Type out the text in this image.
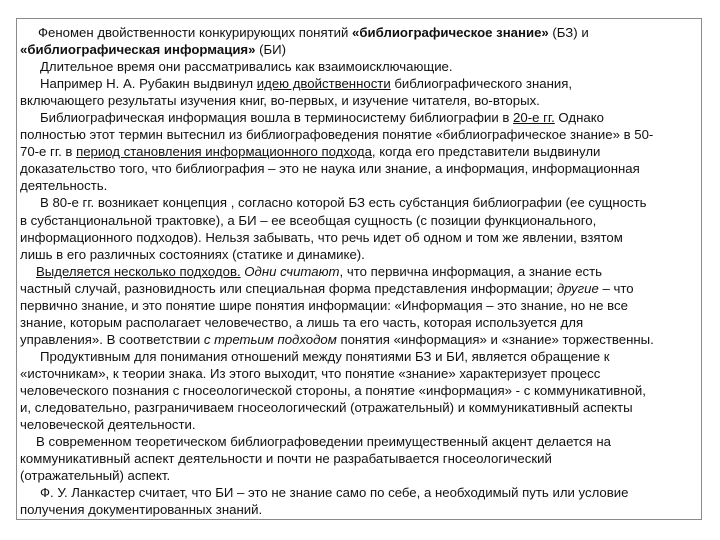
Феномен двойственности конкурирующих понятий «библиографическое знание» (БЗ) и
«библиографическая информация» (БИ)
Длительное время они рассматривались как взаимоисключающие.
Например Н. А. Рубакин выдвинул идею двойственности библиографического знания,
включающего результаты изучения книг, во-первых, и изучение читателя, во-вторых.
Библиографическая информация вошла в терминосистему библиографии в 20-е гг. Однако
полностью этот термин вытеснил из библиографоведения понятие «библиографическое знание» в 50-
70-е гг. в период становления информационного подхода, когда его представители выдвинули
доказательство того, что библиография – это не наука или знание, а информация, информационная
деятельность.
В 80-е гг. возникает концепция , согласно которой БЗ есть субстанция библиографии (ее сущность
в субстанциональной трактовке), а БИ – ее всеобщая сущность (с позиции функционального,
информационного подходов). Нельзя забывать, что речь идет об одном и том же явлении, взятом
лишь в его различных состояниях (статике и динамике).
Выделяется несколько подходов. Одни считают, что первична информация, а знание есть
частный случай, разновидность или специальная форма представления информации; другие – что
первично знание, и это понятие шире понятия информации: «Информация – это знание, но не все
знание, которым располагает человечество, а лишь та его часть, которая используется для
управления». В соответствии с третьим подходом понятия «информация» и «знание» торжественны.
Продуктивным для понимания отношений между понятиями БЗ и БИ, является обращение к
«источникам», к теории знака. Из этого выходит, что понятие «знание» характеризует процесс
человеческого познания с гносеологической стороны, а понятие «информация» - с коммуникативной,
и, следовательно, разграничиваем гносеологический (отражательный) и коммуникативный аспекты
человеческой деятельности.
В современном теоретическом библиографоведении преимущественный акцент делается на
коммуникативный аспект деятельности и почти не разрабатывается гносеологический
(отражательный) аспект.
Ф. У. Ланкастер считает, что БИ – это не знание само по себе, а необходимый путь или условие
получения документированных знаний.
